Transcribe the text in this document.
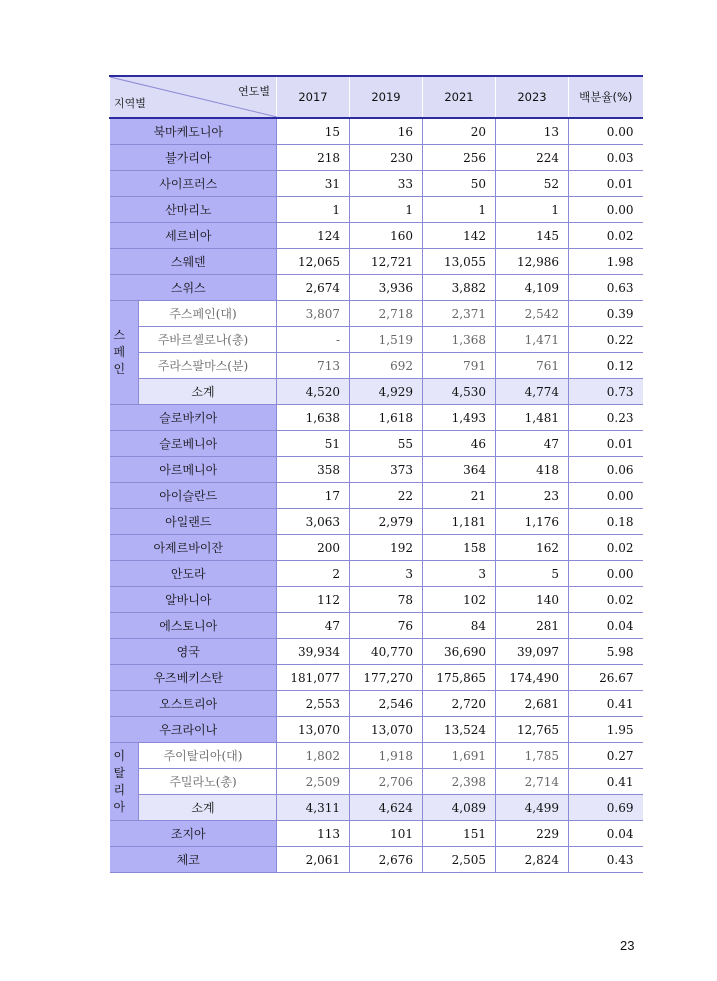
연도별
지역별		2017	2019	2021	2023	백분율(%)
북마케도니아		15	16	20	13	0.00
불가리아		218	230	256	224	0.03
사이프러스		31	33	50	52	0.01
산마리노		1	1	1	1	0.00
세르비아		124	160	142	145	0.02
스웨덴		12,065	12,721	13,055	12,986	1.98
스위스		2,674	3,936	3,882	4,109	0.63

스
페
인	주스페인(대)	3,807	2,718	2,371	2,542	0.39
	주바르셀로나(총)	-	1,519	1,368	1,471	0.22
	주라스팔마스(분)	713	692	791	761	0.12
	소계	4,520	4,929	4,530	4,774	0.73
슬로바키아		1,638	1,618	1,493	1,481	0.23
슬로베니아		51	55	46	47	0.01
아르메니아		358	373	364	418	0.06
아이슬란드		17	22	21	23	0.00
아일랜드		3,063	2,979	1,181	1,176	0.18
아제르바이잔		200	192	158	162	0.02
안도라		2	3	3	5	0.00
알바니아		112	78	102	140	0.02
에스토니아		47	76	84	281	0.04
영국		39,934	40,770	36,690	39,097	5.98
우즈베키스탄		181,077	177,270	175,865	174,490	26.67
오스트리아		2,553	2,546	2,720	2,681	0.41
우크라이나		13,070	13,070	13,524	12,765	1.95

이
탈
리
아	주이탈리아(대)	1,802	1,918	1,691	1,785	0.27
	주밀라노(총)	2,509	2,706	2,398	2,714	0.41
	소계	4,311	4,624	4,089	4,499	0.69
조지아		113	101	151	229	0.04
체코		2,061	2,676	2,505	2,824	0.43
23
